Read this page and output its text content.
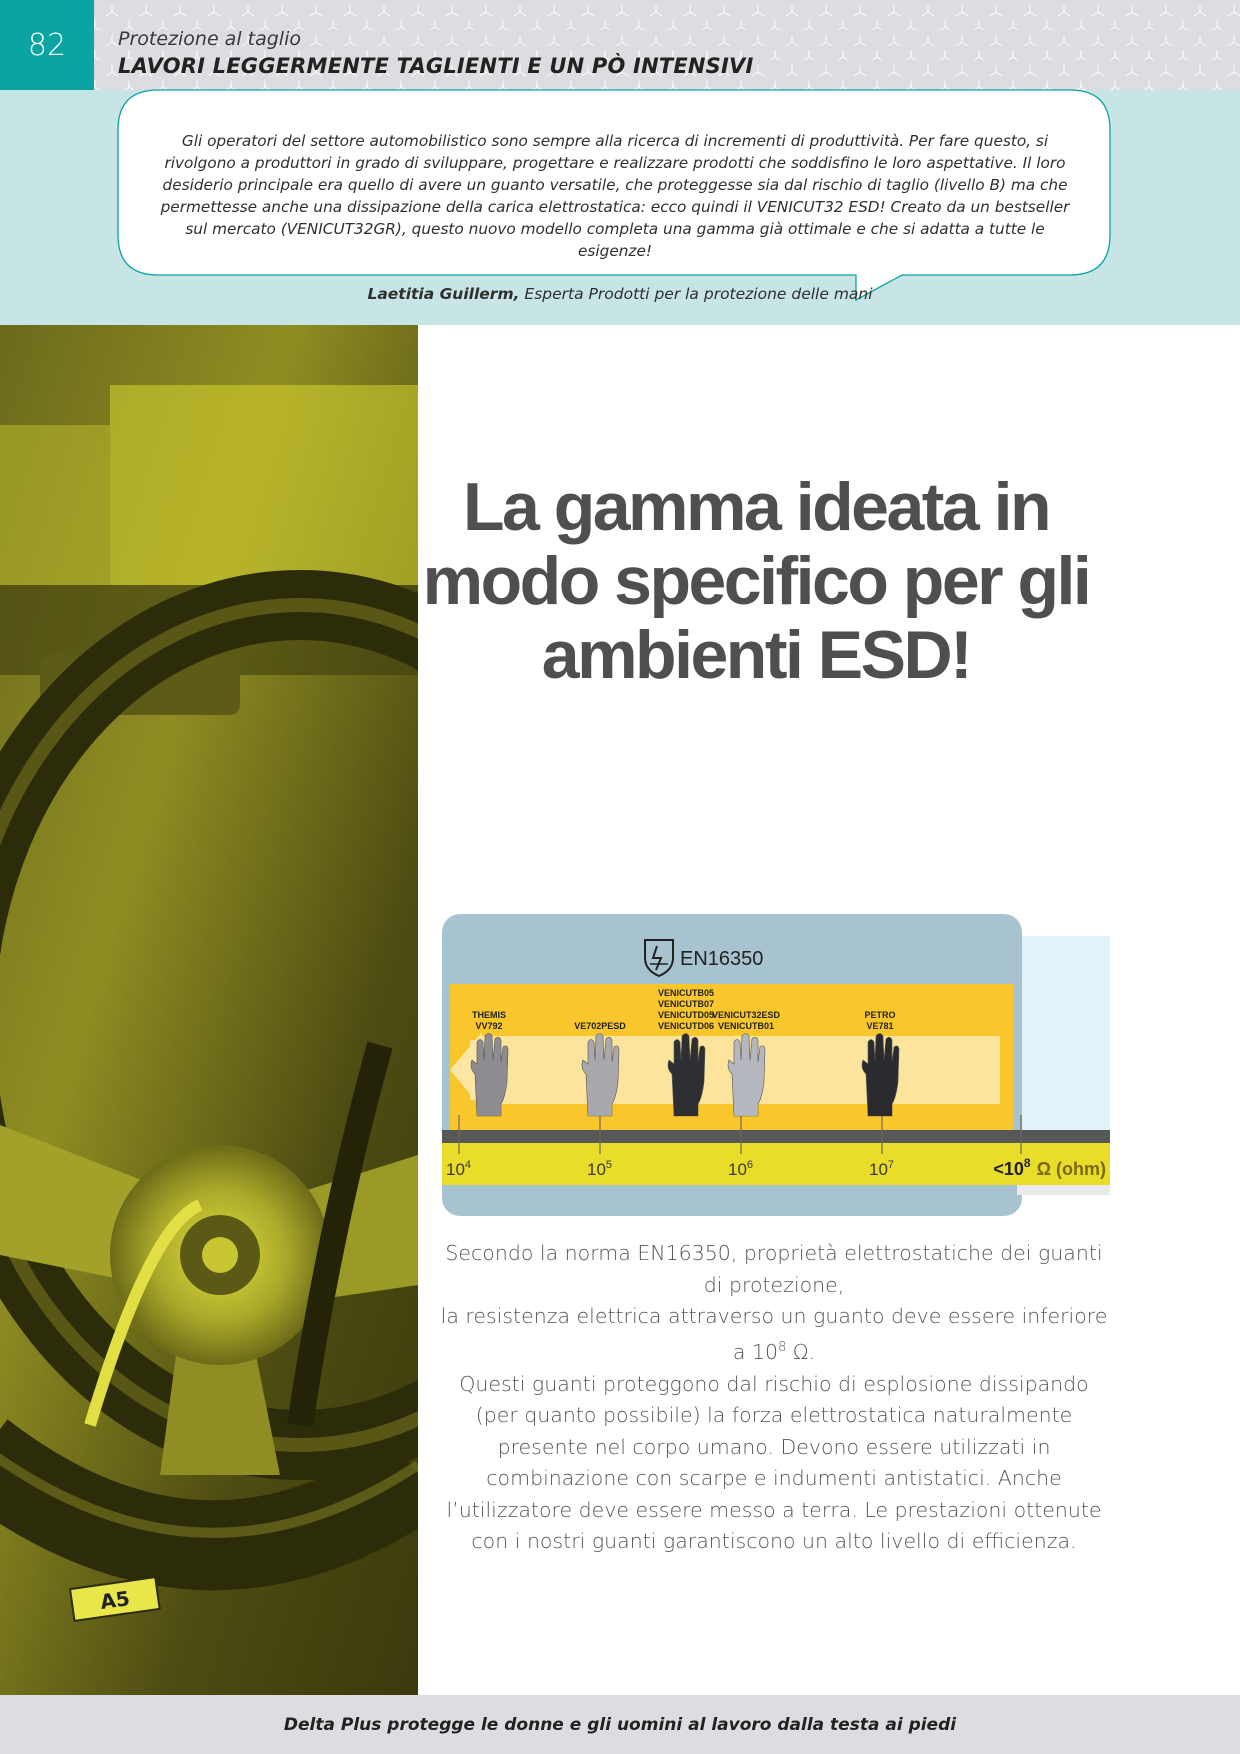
82	Protezione al taglio
LAVORI LEGGERMENTE TAGLIENTI E UN PÒ INTENSIVI
Gli operatori del settore automobilistico sono sempre alla ricerca di incrementi di produttività. Per fare questo, si rivolgono a produttori in grado di sviluppare, progettare e realizzare prodotti che soddisfino le loro aspettative. Il loro desiderio principale era quello di avere un guanto versatile, che proteggesse sia dal rischio di taglio (livello B) ma che permettesse anche una dissipazione della carica elettrostatica: ecco quindi il VENICUT32 ESD! Creato da un bestseller sul mercato (VENICUT32GR), questo nuovo modello completa una gamma già ottimale e che si adatta a tutte le esigenze!
Laetitia Guillerm, Esperta Prodotti per la protezione delle mani
A5
La gamma ideata in
modo specifico per gli
ambienti ESD!
EN16350
$10^4$	$10^5$	$10^6$	$10^7$
THEMIS
VV792	VE702PESD
VENICUTB05
VENICUTB07
VENICUTD05
VENICUTD06
VENICUT32ESD
VENICUTB01
PETRO
VE781
$<10^8$ Ω (ohm)
Secondo la norma EN16350, proprietà elettrostatiche dei guanti di protezione,
la resistenza elettrica attraverso un guanto deve essere inferiore a $10^8$ Ω.
Questi guanti proteggono dal rischio di esplosione dissipando (per quanto possibile) la forza elettrostatica naturalmente presente nel corpo umano. Devono essere utilizzati in combinazione con scarpe e indumenti antistatici. Anche l’utilizzatore deve essere messo a terra. Le prestazioni ottenute con i nostri guanti garantiscono un alto livello di efficienza.
Delta Plus protegge le donne e gli uomini al lavoro dalla testa ai piedi
